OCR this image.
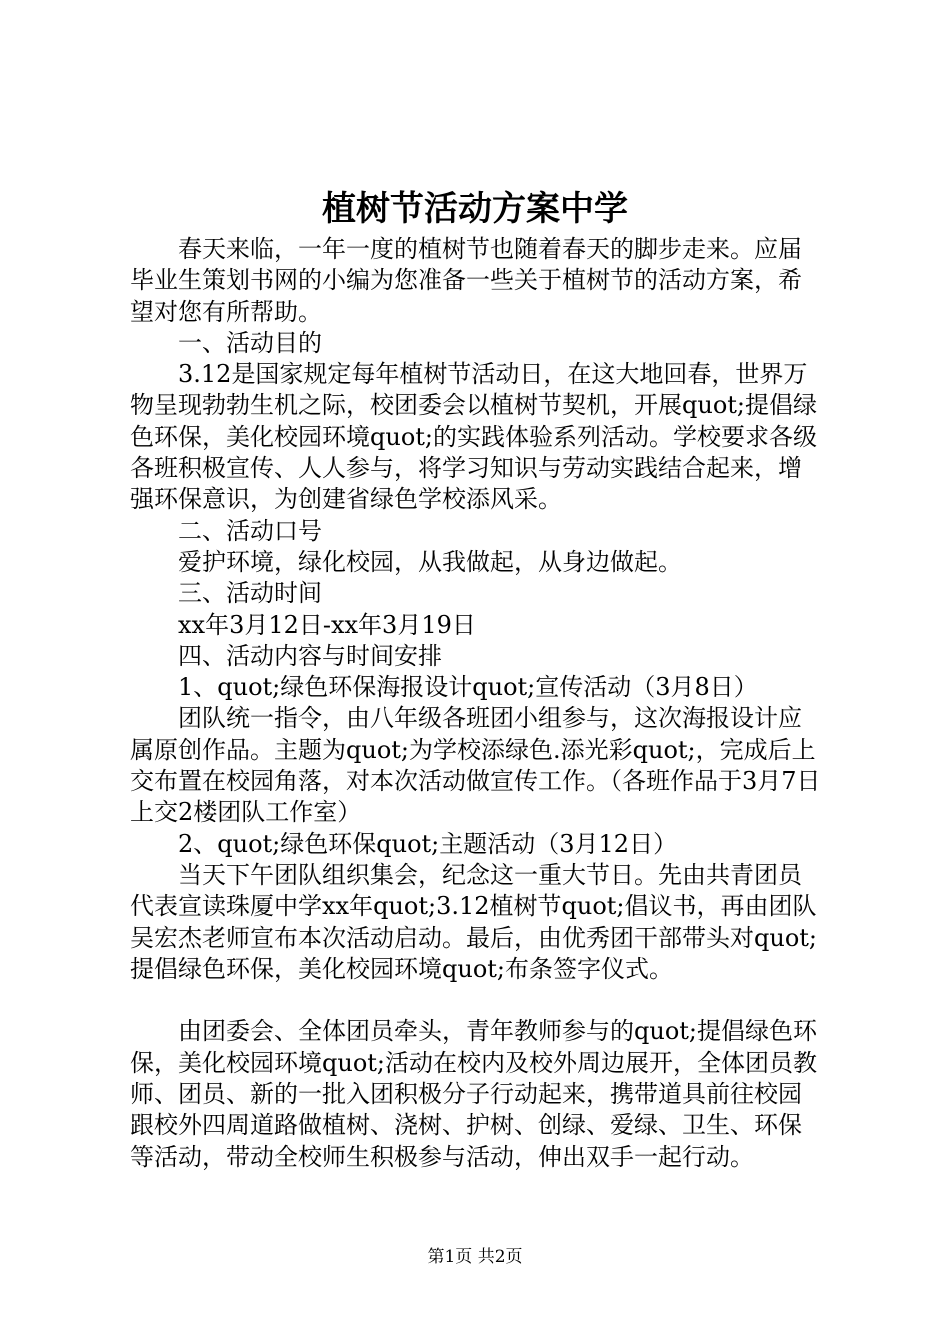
植树节活动方案中学

春天来临，一年一度的植树节也随着春天的脚步走来。应届毕业生策划书网的小编为您准备一些关于植树节的活动方案，希望对您有所帮助。

一、活动目的

3.12是国家规定每年植树节活动日，在这大地回春，世界万物呈现勃勃生机之际，校团委会以植树节契机，开展quot;提倡绿色环保，美化校园环境quot;的实践体验系列活动。学校要求各级各班积极宣传、人人参与，将学习知识与劳动实践结合起来，增强环保意识，为创建省绿色学校添风采。

二、活动口号

爱护环境，绿化校园，从我做起，从身边做起。

三、活动时间

xx年3月12日-xx年3月19日

四、活动内容与时间安排

1、quot;绿色环保海报设计quot;宣传活动（3月8日）

团队统一指令，由八年级各班团小组参与，这次海报设计应属原创作品。主题为quot;为学校添绿色.添光彩quot;，完成后上交布置在校园角落，对本次活动做宣传工作。（各班作品于3月7日上交2楼团队工作室）

2、quot;绿色环保quot;主题活动（3月12日）

当天下午团队组织集会，纪念这一重大节日。先由共青团员代表宣读珠厦中学xx年quot;3.12植树节quot;倡议书，再由团队吴宏杰老师宣布本次活动启动。最后，由优秀团干部带头对quot;提倡绿色环保，美化校园环境quot;布条签字仪式。

由团委会、全体团员牵头，青年教师参与的quot;提倡绿色环保，美化校园环境quot;活动在校内及校外周边展开，全体团员教师、团员、新的一批入团积极分子行动起来，携带道具前往校园跟校外四周道路做植树、浇树、护树、创绿、爱绿、卫生、环保等活动，带动全校师生积极参与活动，伸出双手一起行动。

第1页 共2页
